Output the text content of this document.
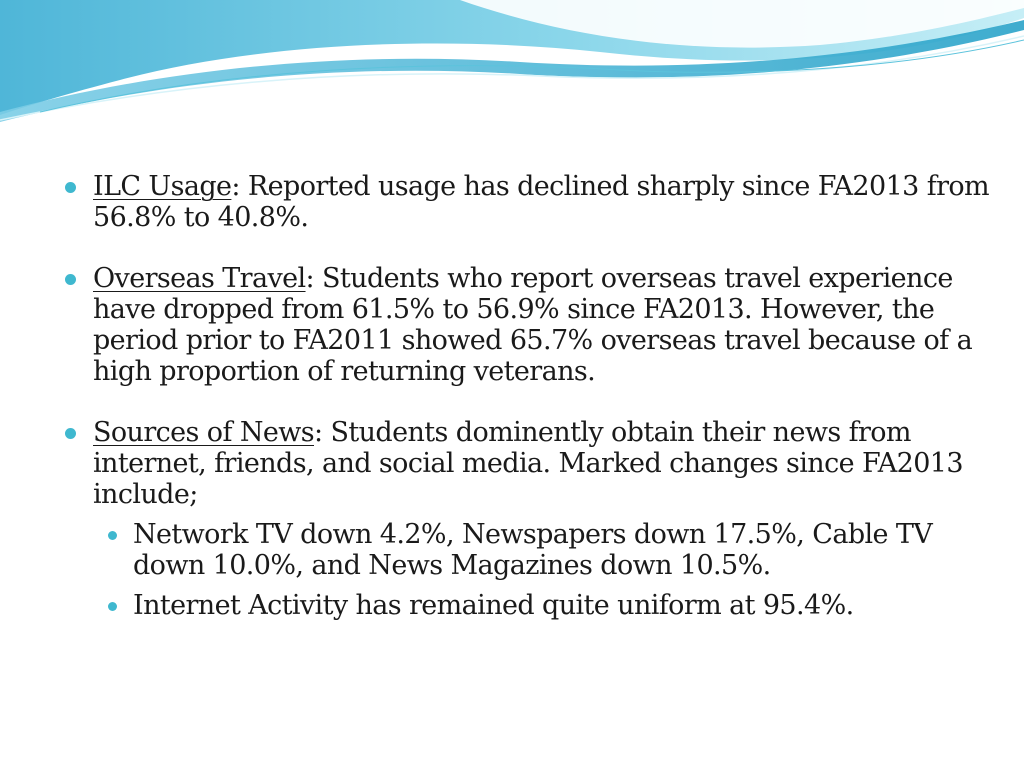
ILC Usage: Reported usage has declined sharply since FA2013 from 56.8% to 40.8%.
Overseas Travel: Students who report overseas travel experience have dropped from 61.5% to 56.9% since FA2013. However, the period prior to FA2011 showed 65.7% overseas travel because of a high proportion of returning veterans.
Sources of News: Students dominently obtain their news from internet, friends, and social media. Marked changes since FA2013 include;
Network TV down 4.2%, Newspapers down 17.5%, Cable TV down 10.0%, and News Magazines down 10.5%.
Internet Activity has remained quite uniform at 95.4%.
